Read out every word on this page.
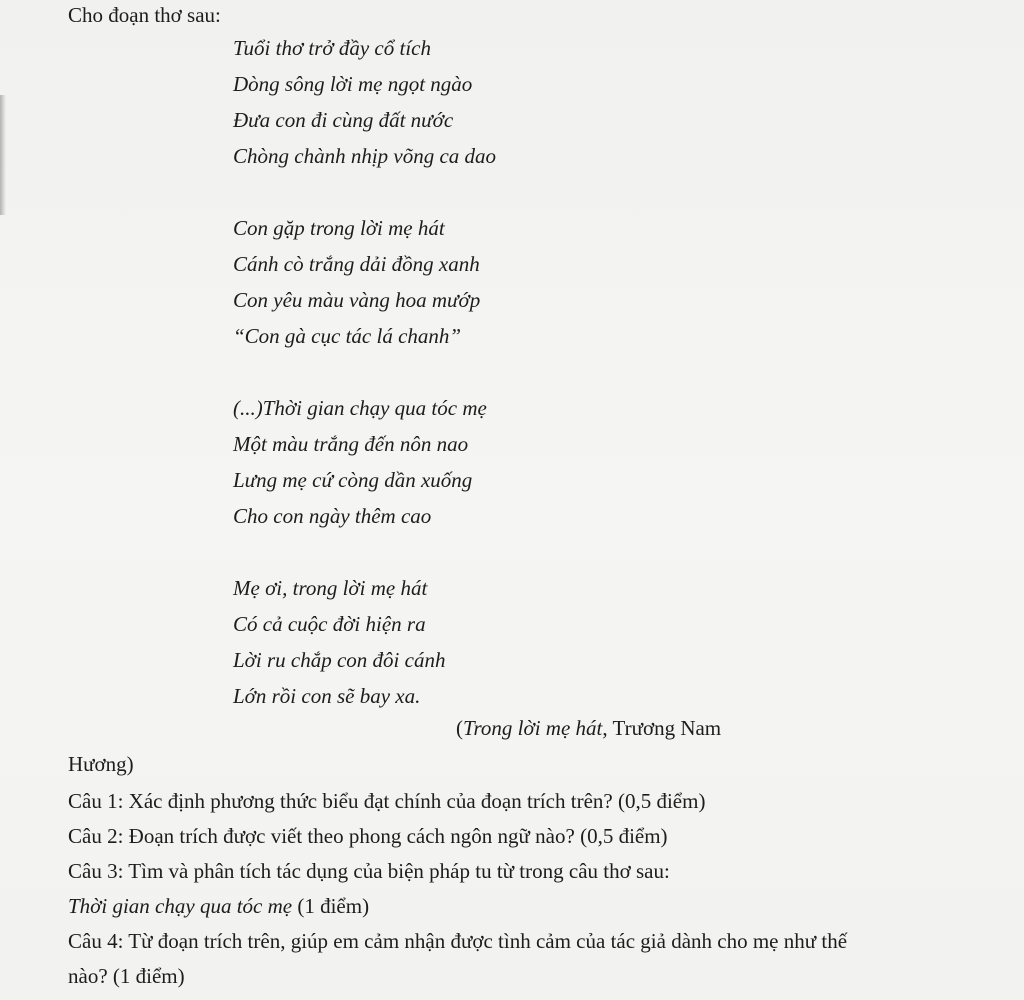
Cho đoạn thơ sau:
Tuổi thơ trở đầy cổ tích
Dòng sông lời mẹ ngọt ngào
Đưa con đi cùng đất nước
Chòng chành nhịp võng ca dao
Con gặp trong lời mẹ hát
Cánh cò trắng dải đồng xanh
Con yêu màu vàng hoa mướp
“Con gà cục tác lá chanh”
(...)Thời gian chạy qua tóc mẹ
Một màu trắng đến nôn nao
Lưng mẹ cứ còng dần xuống
Cho con ngày thêm cao
Mẹ ơi, trong lời mẹ hát
Có cả cuộc đời hiện ra
Lời ru chắp con đôi cánh
Lớn rồi con sẽ bay xa.
(Trong lời mẹ hát, Trương Nam
Hương)
Câu 1: Xác định phương thức biểu đạt chính của đoạn trích trên? (0,5 điểm)
Câu 2: Đoạn trích được viết theo phong cách ngôn ngữ nào? (0,5 điểm)
Câu 3: Tìm và phân tích tác dụng của biện pháp tu từ trong câu thơ sau:
Thời gian chạy qua tóc mẹ (1 điểm)
Câu 4: Từ đoạn trích trên, giúp em cảm nhận được tình cảm của tác giả dành cho mẹ như thế
nào? (1 điểm)
